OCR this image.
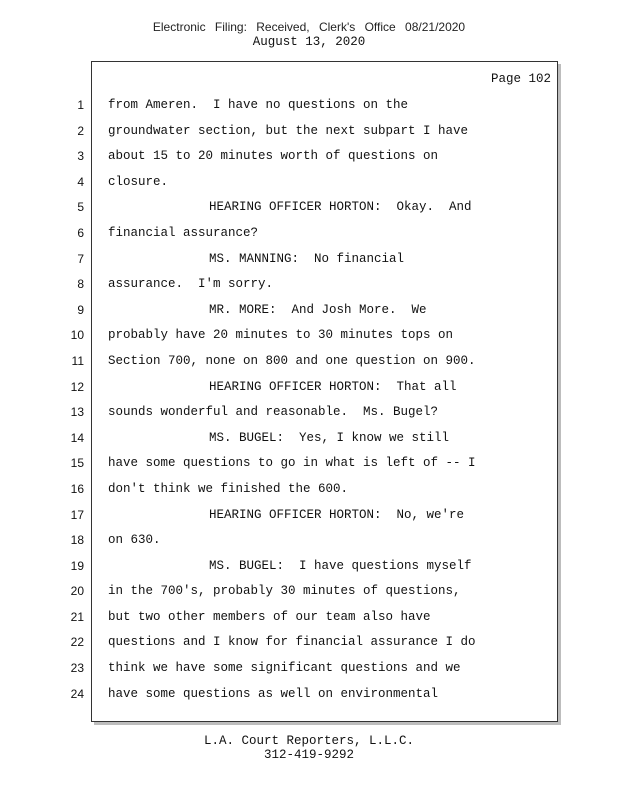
Electronic Filing: Received, Clerk's Office 08/21/2020
August 13, 2020
Page 102
1 from Ameren.  I have no questions on the
2 groundwater section, but the next subpart I have
3 about 15 to 20 minutes worth of questions on
4 closure.
5	HEARING OFFICER HORTON:  Okay.  And
6 financial assurance?
7	MS. MANNING:  No financial
8 assurance.  I'm sorry.
9	MR. MORE:  And Josh More.  We
10 probably have 20 minutes to 30 minutes tops on
11 Section 700, none on 800 and one question on 900.
12	HEARING OFFICER HORTON:  That all
13 sounds wonderful and reasonable.  Ms. Bugel?
14	MS. BUGEL:  Yes, I know we still
15 have some questions to go in what is left of -- I
16 don't think we finished the 600.
17	HEARING OFFICER HORTON:  No, we're
18 on 630.
19	MS. BUGEL:  I have questions myself
20 in the 700's, probably 30 minutes of questions,
21 but two other members of our team also have
22 questions and I know for financial assurance I do
23 think we have some significant questions and we
24 have some questions as well on environmental
L.A. Court Reporters, L.L.C.
312-419-9292
